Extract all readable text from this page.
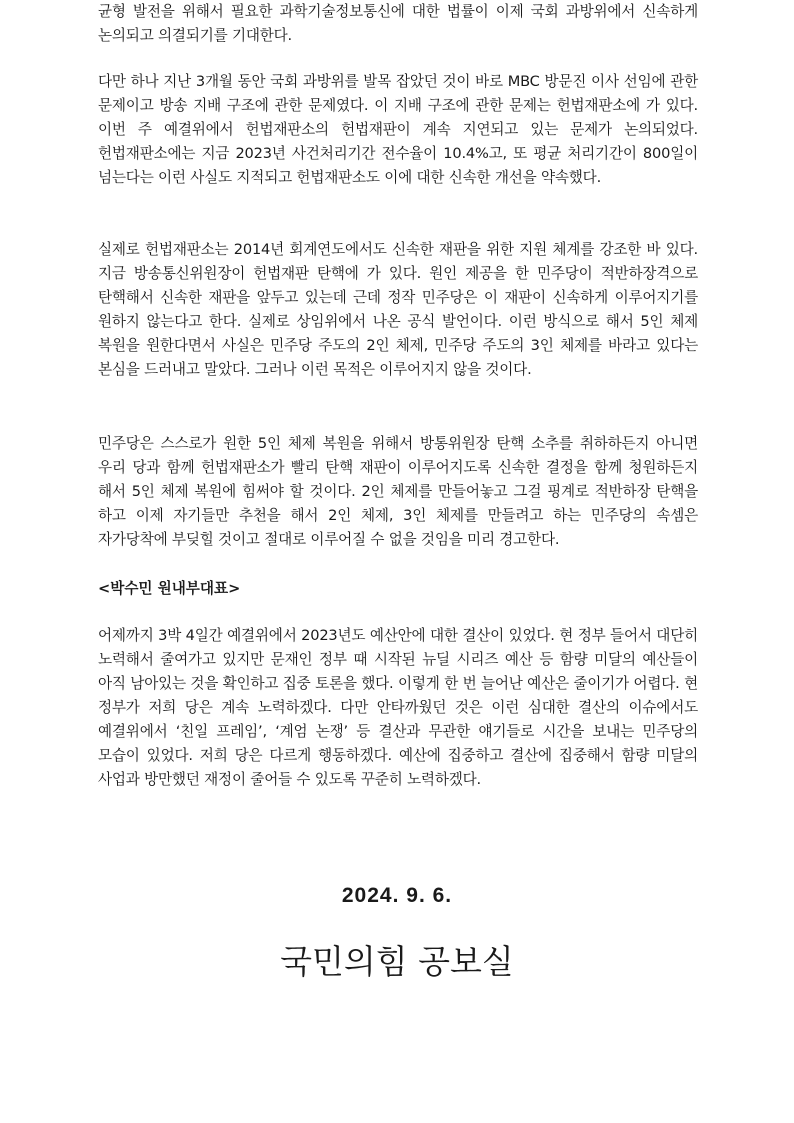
균형 발전을 위해서 필요한 과학기술정보통신에 대한 법률이 이제 국회 과방위에서 신속하게 논의되고 의결되기를 기대한다.

다만 하나 지난 3개월 동안 국회 과방위를 발목 잡았던 것이 바로 MBC 방문진 이사 선임에 관한 문제이고 방송 지배 구조에 관한 문제였다. 이 지배 구조에 관한 문제는 헌법재판소에 가 있다. 이번 주 예결위에서 헌법재판소의 헌법재판이 계속 지연되고 있는 문제가 논의되었다. 헌법재판소에는 지금 2023년 사건처리기간 전수율이 10.4%고, 또 평균 처리기간이 800일이 넘는다는 이런 사실도 지적되고 헌법재판소도 이에 대한 신속한 개선을 약속했다.

실제로 헌법재판소는 2014년 회계연도에서도 신속한 재판을 위한 지원 체계를 강조한 바 있다. 지금 방송통신위원장이 헌법재판 탄핵에 가 있다. 원인 제공을 한 민주당이 적반하장격으로 탄핵해서 신속한 재판을 앞두고 있는데 근데 정작 민주당은 이 재판이 신속하게 이루어지기를 원하지 않는다고 한다. 실제로 상임위에서 나온 공식 발언이다. 이런 방식으로 해서 5인 체제 복원을 원한다면서 사실은 민주당 주도의 2인 체제, 민주당 주도의 3인 체제를 바라고 있다는 본심을 드러내고 말았다. 그러나 이런 목적은 이루어지지 않을 것이다.

민주당은 스스로가 원한 5인 체제 복원을 위해서 방통위원장 탄핵 소추를 취하하든지 아니면 우리 당과 함께 헌법재판소가 빨리 탄핵 재판이 이루어지도록 신속한 결정을 함께 청원하든지 해서 5인 체제 복원에 힘써야 할 것이다. 2인 체제를 만들어놓고 그걸 핑계로 적반하장 탄핵을 하고 이제 자기들만 추천을 해서 2인 체제, 3인 체제를 만들려고 하는 민주당의 속셈은 자가당착에 부딪힐 것이고 절대로 이루어질 수 없을 것임을 미리 경고한다.

<박수민 원내부대표>

어제까지 3박 4일간 예결위에서 2023년도 예산안에 대한 결산이 있었다. 현 정부 들어서 대단히 노력해서 줄여가고 있지만 문재인 정부 때 시작된 뉴딜 시리즈 예산 등 함량 미달의 예산들이 아직 남아있는 것을 확인하고 집중 토론을 했다. 이렇게 한 번 늘어난 예산은 줄이기가 어렵다. 현 정부가 저희 당은 계속 노력하겠다. 다만 안타까웠던 것은 이런 심대한 결산의 이슈에서도 예결위에서 ‘친일 프레임’, ‘계엄 논쟁’ 등 결산과 무관한 얘기들로 시간을 보내는 민주당의 모습이 있었다. 저희 당은 다르게 행동하겠다. 예산에 집중하고 결산에 집중해서 함량 미달의 사업과 방만했던 재정이 줄어들 수 있도록 꾸준히 노력하겠다.

2024. 9. 6.

국민의힘 공보실
